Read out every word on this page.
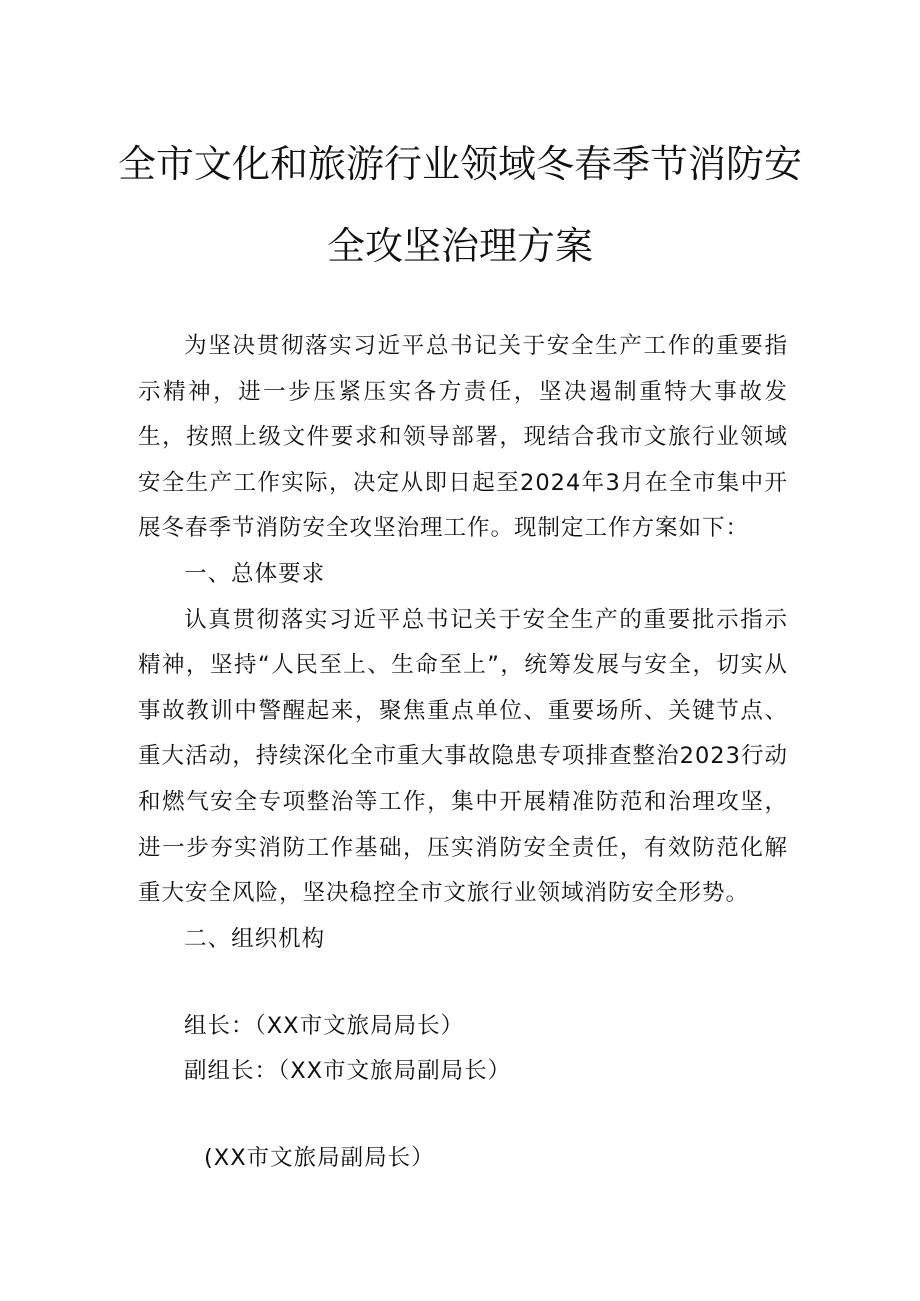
全市文化和旅游行业领域冬春季节消防安
全攻坚治理方案

为坚决贯彻落实习近平总书记关于安全生产工作的重要指示精神，进一步压紧压实各方责任，坚决遏制重特大事故发生，按照上级文件要求和领导部署，现结合我市文旅行业领域安全生产工作实际，决定从即日起至2024年3月在全市集中开展冬春季节消防安全攻坚治理工作。现制定工作方案如下：

一、总体要求

认真贯彻落实习近平总书记关于安全生产的重要批示指示精神，坚持“人民至上、生命至上”，统筹发展与安全，切实从事故教训中警醒起来，聚焦重点单位、重要场所、关键节点、重大活动，持续深化全市重大事故隐患专项排查整治2023行动和燃气安全专项整治等工作，集中开展精准防范和治理攻坚，进一步夯实消防工作基础，压实消防安全责任，有效防范化解重大安全风险，坚决稳控全市文旅行业领域消防安全形势。

二、组织机构

组长：（XX市文旅局局长）
副组长：（XX市文旅局副局长）
(XX市文旅局副局长）
